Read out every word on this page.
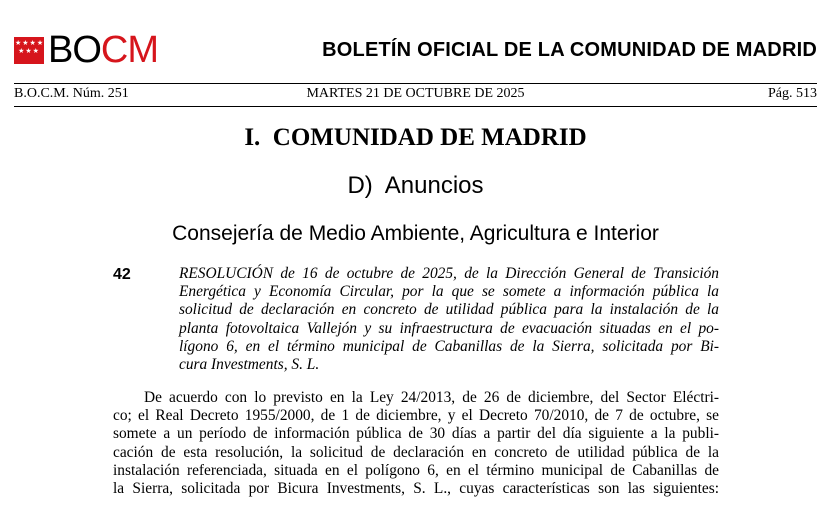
★★★★
★★★ BOCM	BOLETÍN OFICIAL DE LA COMUNIDAD DE MADRID
B.O.C.M. Núm. 251	MARTES 21 DE OCTUBRE DE 2025	Pág. 513
I.  COMUNIDAD DE MADRID
D)  Anuncios
Consejería de Medio Ambiente, Agricultura e Interior
42	RESOLUCIÓN de 16 de octubre de 2025, de la Dirección General de Transición
Energética y Economía Circular, por la que se somete a información pública la
solicitud de declaración en concreto de utilidad pública para la instalación de la
planta fotovoltaica Vallejón y su infraestructura de evacuación situadas en el po-
lígono 6, en el término municipal de Cabanillas de la Sierra, solicitada por Bi-
cura Investments, S. L.
De acuerdo con lo previsto en la Ley 24/2013, de 26 de diciembre, del Sector Eléctri-
co; el Real Decreto 1955/2000, de 1 de diciembre, y el Decreto 70/2010, de 7 de octubre, se
somete a un período de información pública de 30 días a partir del día siguiente a la publi-
cación de esta resolución, la solicitud de declaración en concreto de utilidad pública de la
instalación referenciada, situada en el polígono 6, en el término municipal de Cabanillas de
la Sierra, solicitada por Bicura Investments, S. L., cuyas características son las siguientes:
